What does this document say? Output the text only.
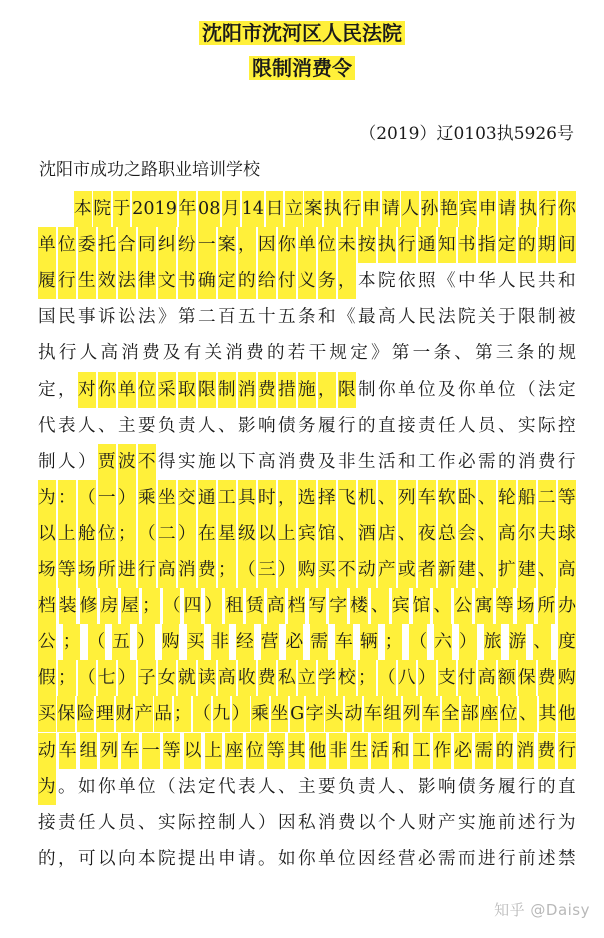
沈阳市沈河区人民法院
限制消费令
（2019）辽0103执5926号
沈阳市成功之路职业培训学校
本 院 于 2019 年 08 月 14 日 立 案 执 行 申 请 人 孙 艳 宾 申 请 执 行 你
单 位 委 托 合 同 纠 纷 一 案 ， 因 你 单 位 未 按 执 行 通 知 书 指 定 的 期 间
履 行 生 效 法 律 文 书 确 定 的 给 付 义 务 ， 本 院 依 照 《 中 华 人 民 共 和
国 民 事 诉 讼 法 》 第 二 百 五 十 五 条 和 《 最 高 人 民 法 院 关 于 限 制 被
执 行 人 高 消 费 及 有 关 消 费 的 若 干 规 定 》 第 一 条 、 第 三 条 的 规
定 ， 对 你 单 位 采 取 限 制 消 费 措 施 ， 限 制 你 单 位 及 你 单 位 （ 法 定
代 表 人 、 主 要 负 责 人 、 影 响 债 务 履 行 的 直 接 责 任 人 员 、 实 际 控
制 人 ） 贾 波 不 得 实 施 以 下 高 消 费 及 非 生 活 和 工 作 必 需 的 消 费 行
为 ： （ 一 ） 乘 坐 交 通 工 具 时 ， 选 择 飞 机 、 列 车 软 卧 、 轮 船 二 等
以 上 舱 位 ； （ 二 ） 在 星 级 以 上 宾 馆 、 酒 店 、 夜 总 会 、 高 尔 夫 球
场 等 场 所 进 行 高 消 费 ； （ 三 ） 购 买 不 动 产 或 者 新 建 、 扩 建 、 高
档 装 修 房 屋 ； （ 四 ） 租 赁 高 档 写 字 楼 、 宾 馆 、 公 寓 等 场 所 办
公 ； （ 五 ） 购 买 非 经 营 必 需 车 辆 ； （ 六 ） 旅 游 、 度
假 ； （ 七 ） 子 女 就 读 高 收 费 私 立 学 校 ； （ 八 ） 支 付 高 额 保 费 购
买 保 险 理 财 产 品 ； （ 九 ） 乘 坐 G 字 头 动 车 组 列 车 全 部 座 位 、 其 他
动 车 组 列 车 一 等 以 上 座 位 等 其 他 非 生 活 和 工 作 必 需 的 消 费 行
为 。 如 你 单 位 （ 法 定 代 表 人 、 主 要 负 责 人 、 影 响 债 务 履 行 的 直
接 责 任 人 员 、 实 际 控 制 人 ） 因 私 消 费 以 个 人 财 产 实 施 前 述 行 为
的 ， 可 以 向 本 院 提 出 申 请 。 如 你 单 位 因 经 营 必 需 而 进 行 前 述 禁
知乎 @Daisy
